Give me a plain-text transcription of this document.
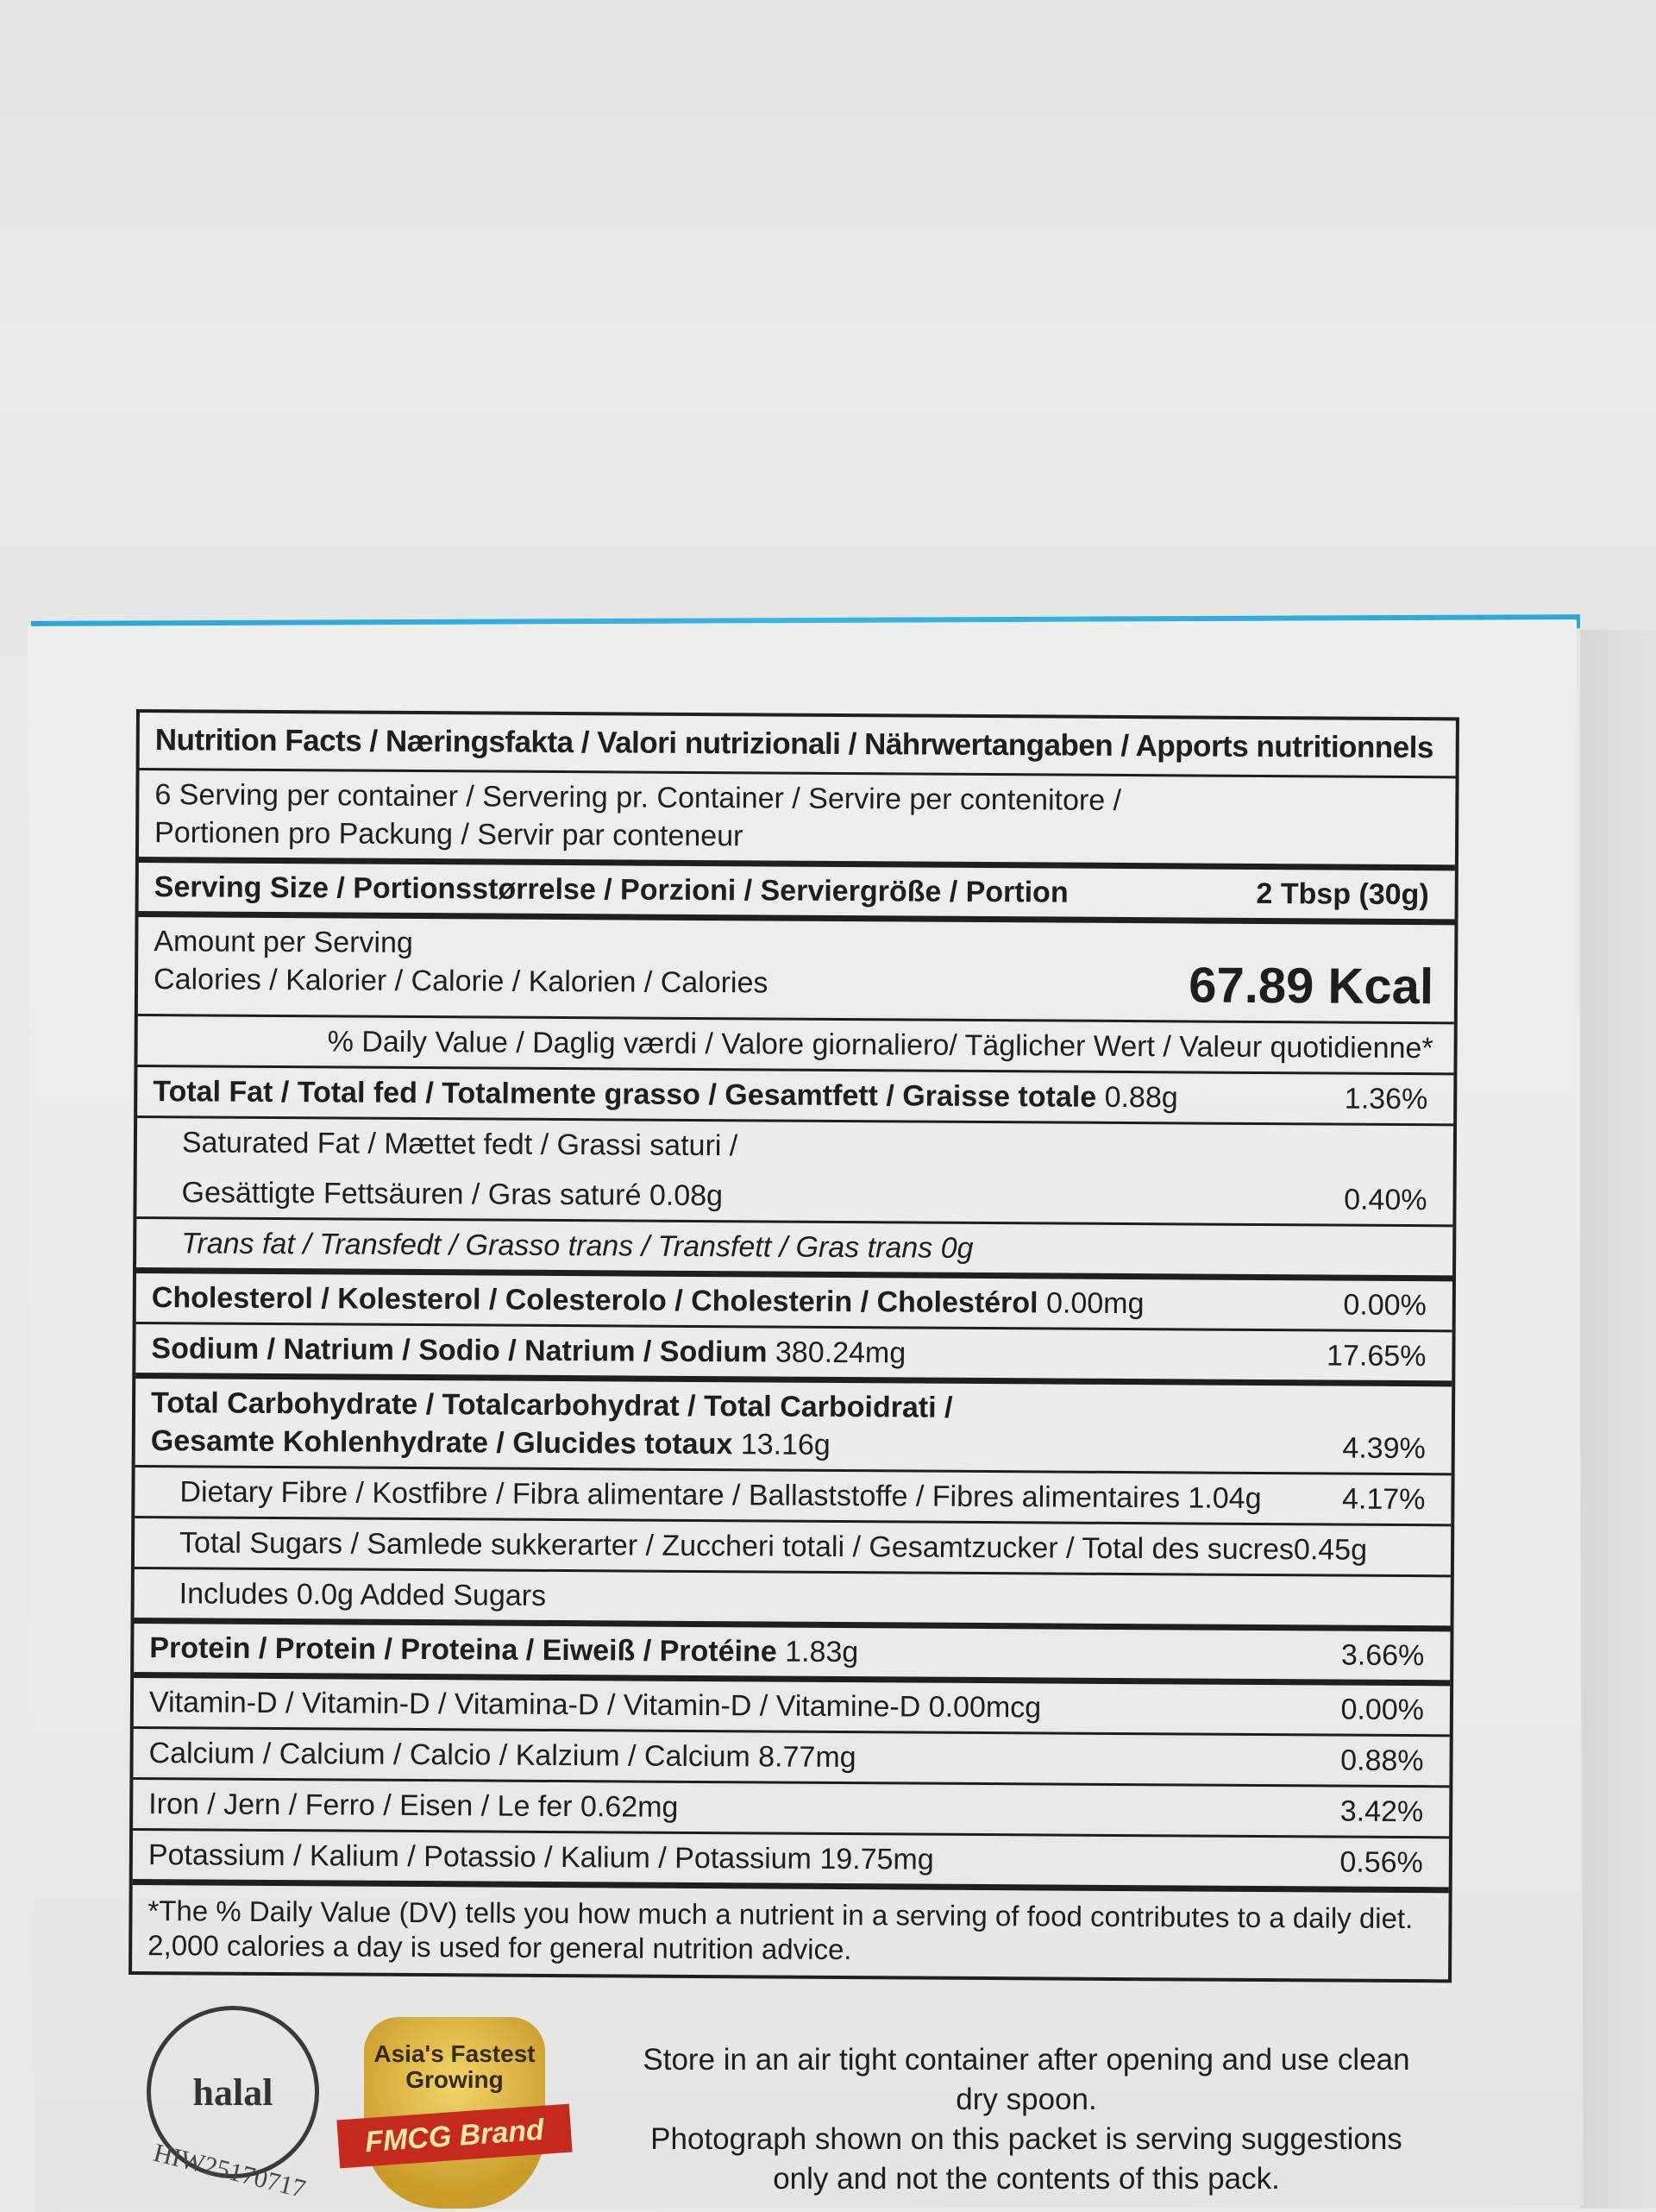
Nutrition Facts / Næringsfakta / Valori nutrizionali / Nährwertangaben / Apports nutritionnels
6 Serving per container / Servering pr. Container / Servire per contenitore /
Portionen pro Packung / Servir par conteneur
Serving Size / Portionsstørrelse / Porzioni / Serviergröße / Portion	2 Tbsp (30g)
Amount per Serving
Calories / Kalorier / Calorie / Kalorien / Calories	67.89 Kcal
% Daily Value / Daglig værdi / Valore giornaliero/ Täglicher Wert / Valeur quotidienne*
Total Fat / Total fed / Totalmente grasso / Gesamtfett / Graisse totale 0.88g	1.36%
Saturated Fat / Mættet fedt / Grassi saturi /
Gesättigte Fettsäuren / Gras saturé 0.08g	0.40%
Trans fat / Transfedt / Grasso trans / Transfett / Gras trans 0g
Cholesterol / Kolesterol / Colesterolo / Cholesterin / Cholestérol 0.00mg	0.00%
Sodium / Natrium / Sodio / Natrium / Sodium 380.24mg	17.65%
Total Carbohydrate / Totalcarbohydrat / Total Carboidrati /
Gesamte Kohlenhydrate / Glucides totaux 13.16g	4.39%
Dietary Fibre / Kostfibre / Fibra alimentare / Ballaststoffe / Fibres alimentaires 1.04g	4.17%
Total Sugars / Samlede sukkerarter / Zuccheri totali / Gesamtzucker / Total des sucres0.45g
Includes 0.0g Added Sugars
Protein / Protein / Proteina / Eiweiß / Protéine 1.83g	3.66%
Vitamin-D / Vitamin-D / Vitamina-D / Vitamin-D / Vitamine-D 0.00mcg	0.00%
Calcium / Calcium / Calcio / Kalzium / Calcium 8.77mg	0.88%
Iron / Jern / Ferro / Eisen / Le fer 0.62mg	3.42%
Potassium / Kalium / Potassio / Kalium / Potassium 19.75mg	0.56%
*The % Daily Value (DV) tells you how much a nutrient in a serving of food contributes to a daily diet. 2,000 calories a day is used for general nutrition advice.
halal
HIW25170717
Asia's Fastest Growing
FMCG Brand

Store in an air tight container after opening and use clean dry spoon.

Photograph shown on this packet is serving suggestions only and not the contents of this pack.
